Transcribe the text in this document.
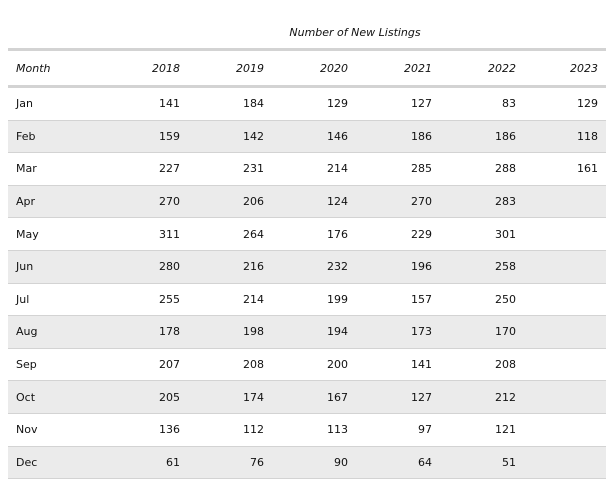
Number of New Listings
Month	2018	2019	2020	2021	2022	2023
Jan	141	184	129	127	83	129
Feb	159	142	146	186	186	118
Mar	227	231	214	285	288	161
Apr	270	206	124	270	283	
May	311	264	176	229	301	
Jun	280	216	232	196	258	
Jul	255	214	199	157	250	
Aug	178	198	194	173	170	
Sep	207	208	200	141	208	
Oct	205	174	167	127	212	
Nov	136	112	113	97	121	
Dec	61	76	90	64	51	
